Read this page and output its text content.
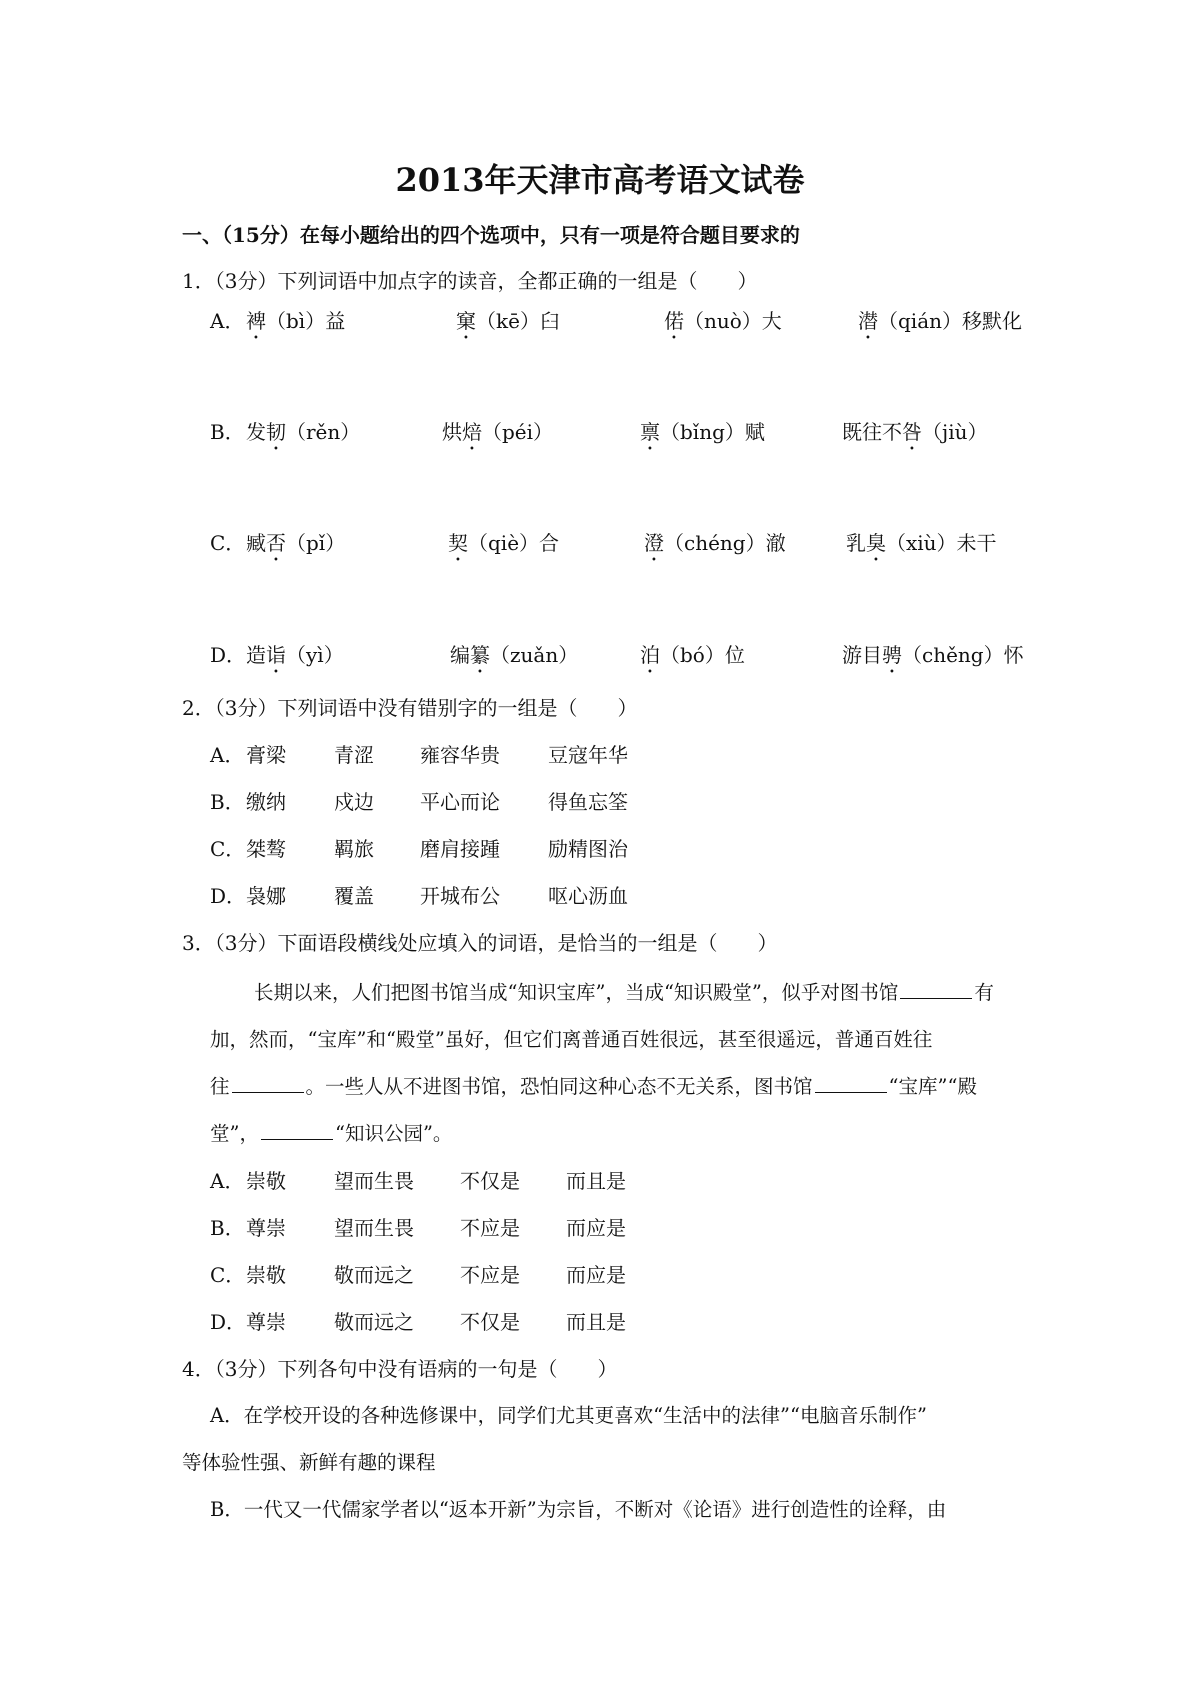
2013年天津市高考语文试卷
一、（15分）在每小题给出的四个选项中，只有一项是符合题目要求的
1．（3分）下列词语中加点字的读音，全都正确的一组是（　　）
A． 裨（bì）益	窠（kē）臼	偌（nuò）大	潜（qián）移默化
B． 发韧（rěn）	烘焙（péi）	禀（bǐng）赋	既往不咎（jiù）
C． 臧否（pǐ）	契（qiè）合	澄（chéng）澈	乳臭（xiù）未干
D． 造诣（yì）	编纂（zuǎn）	泊（bó）位	游目骋（chěng）怀
2．（3分）下列词语中没有错别字的一组是（　　）
A． 膏梁 青涩 雍容华贵 豆寇年华
B． 缴纳 戍边 平心而论 得鱼忘筌
C． 桀骜 羁旅 磨肩接踵 励精图治
D． 袅娜 覆盖 开城布公 呕心沥血
3．（3分）下面语段横线处应填入的词语，是恰当的一组是（　　）
长期以来，人们把图书馆当成“知识宝库”，当成“知识殿堂”，似乎对图书馆	有
加，然而，“宝库”和“殿堂”虽好，但它们离普通百姓很远，甚至很遥远，普通百姓往
往	。一些人从不进图书馆，恐怕同这种心态不无关系，图书馆	“宝库”“殿
堂”，	“知识公园”。
A． 崇敬 望而生畏 不仅是 而且是
B． 尊崇 望而生畏 不应是 而应是
C． 崇敬 敬而远之 不应是 而应是
D． 尊崇 敬而远之 不仅是 而且是
4．（3分）下列各句中没有语病的一句是（　　）
A．在学校开设的各种选修课中，同学们尤其更喜欢“生活中的法律”“电脑音乐制作”
等体验性强、新鲜有趣的课程
B．一代又一代儒家学者以“返本开新”为宗旨，不断对《论语》进行创造性的诠释，由
